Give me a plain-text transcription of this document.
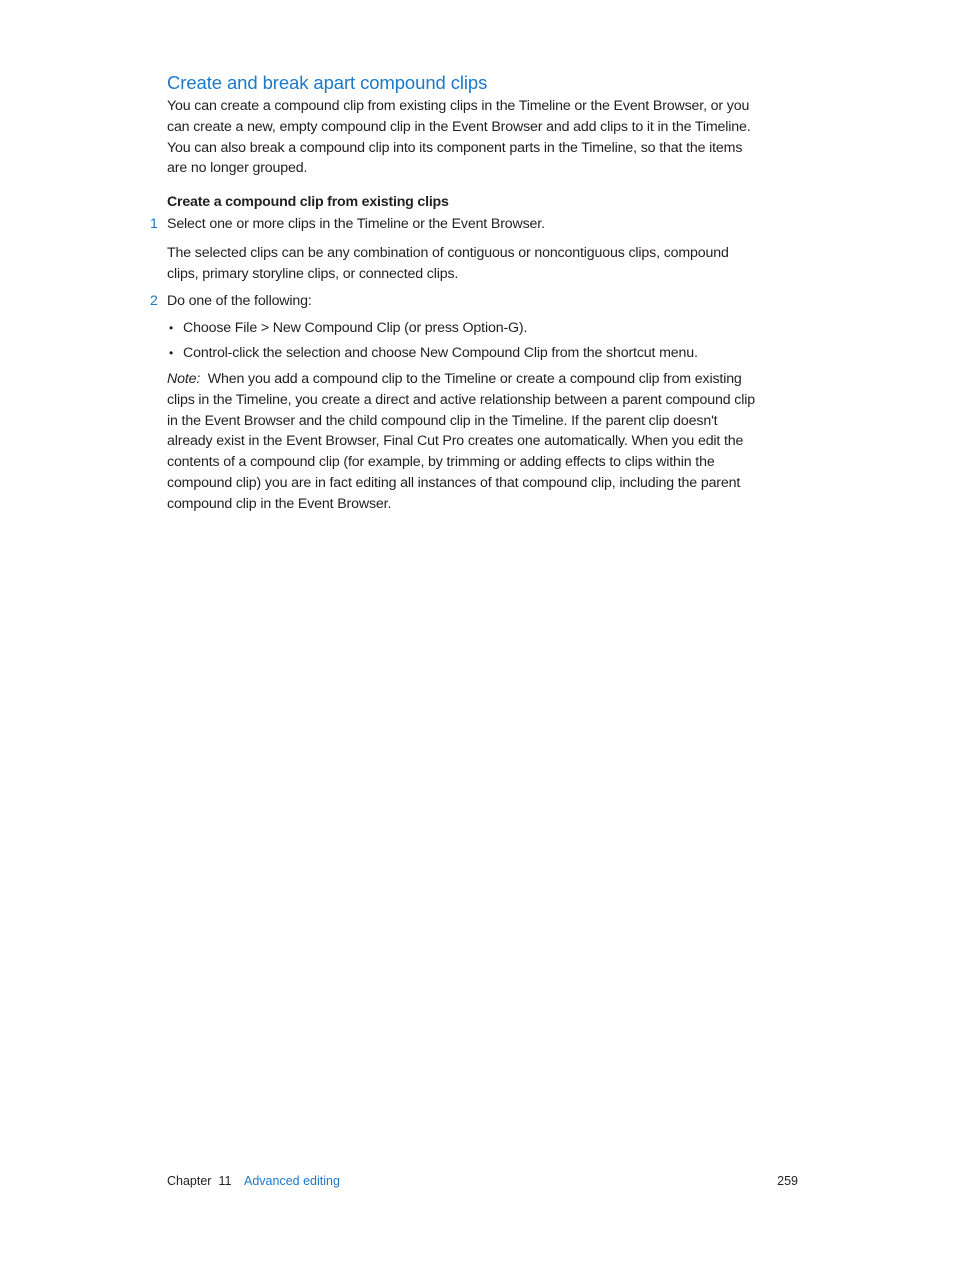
Create and break apart compound clips
You can create a compound clip from existing clips in the Timeline or the Event Browser, or you
can create a new, empty compound clip in the Event Browser and add clips to it in the Timeline.
You can also break a compound clip into its component parts in the Timeline, so that the items
are no longer grouped.
Create a compound clip from existing clips
1 Select one or more clips in the Timeline or the Event Browser.
The selected clips can be any combination of contiguous or noncontiguous clips, compound
clips, primary storyline clips, or connected clips.
2 Do one of the following:
• Choose File > New Compound Clip (or press Option-G).
• Control-click the selection and choose New Compound Clip from the shortcut menu.
Note: When you add a compound clip to the Timeline or create a compound clip from existing
clips in the Timeline, you create a direct and active relationship between a parent compound clip
in the Event Browser and the child compound clip in the Timeline. If the parent clip doesn't
already exist in the Event Browser, Final Cut Pro creates one automatically. When you edit the
contents of a compound clip (for example, by trimming or adding effects to clips within the
compound clip) you are in fact editing all instances of that compound clip, including the parent
compound clip in the Event Browser.
Chapter 11 Advanced editing	259
